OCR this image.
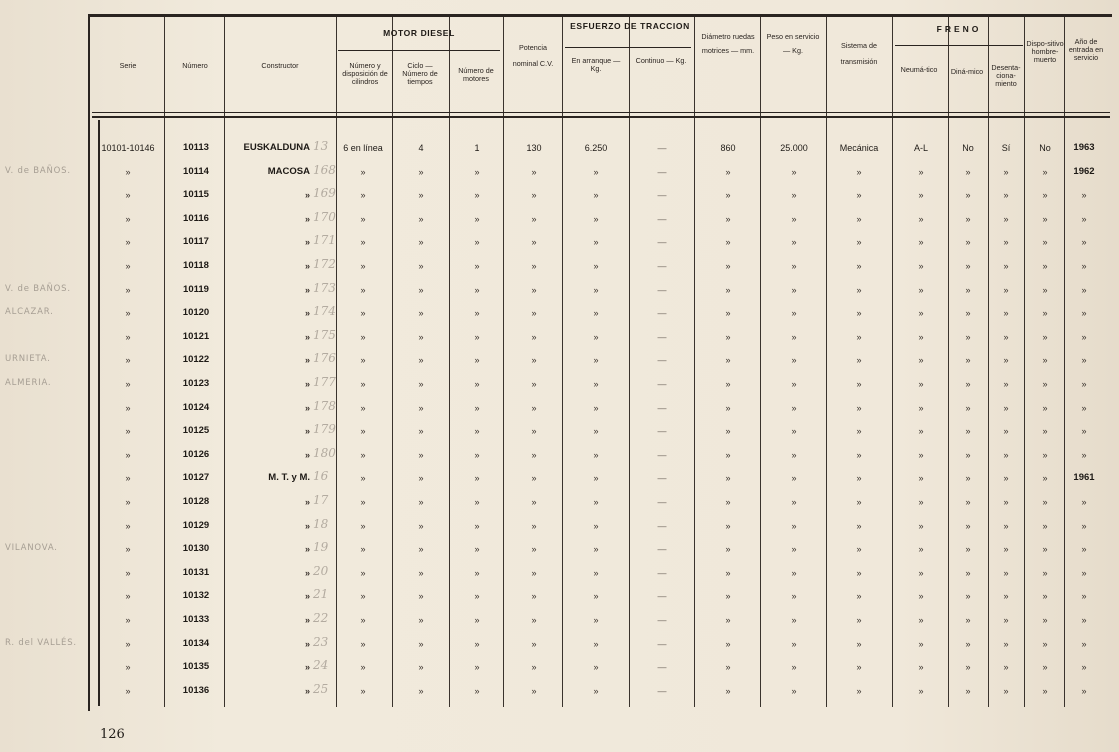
Serie	Número	Constructor
MOTOR DIESEL
Número y disposición de cilindros
Ciclo — Número de tiempos
Número de motores
Potencia nominal C.V.
ESFUERZO DE TRACCION
En arranque — Kg.
Continuo — Kg.
Diámetro ruedas motrices — mm.
Peso en servicio — Kg.
Sistema de transmisión
FRENO
Neumá-tico	Diná-mico	Desenta-ciona-miento
Dispo-sitivo hombre-muerto
Año de entrada en servicio
10101-10146	10113	EUSKALDUNA	6 en línea	4	1	130	6.250	—	860	25.000	Mecánica	A-L	No	Sí	No	1963
13
»	10114	MACOSA	»	»	»	»	»	—	»	»	»	»	»	»	»	1962
168
»	10115	»	»	»	»	»	»	—	»	»	»	»	»	»	»	»
169
»	10116	»	»	»	»	»	»	—	»	»	»	»	»	»	»	»
170
»	10117	»	»	»	»	»	»	—	»	»	»	»	»	»	»	»
171
»	10118	»	»	»	»	»	»	—	»	»	»	»	»	»	»	»
172
»	10119	»	»	»	»	»	»	—	»	»	»	»	»	»	»	»
173
»	10120	»	»	»	»	»	»	—	»	»	»	»	»	»	»	»
174
»	10121	»	»	»	»	»	»	—	»	»	»	»	»	»	»	»
175
»	10122	»	»	»	»	»	»	—	»	»	»	»	»	»	»	»
176
»	10123	»	»	»	»	»	»	—	»	»	»	»	»	»	»	»
177
»	10124	»	»	»	»	»	»	—	»	»	»	»	»	»	»	»
178
»	10125	»	»	»	»	»	»	—	»	»	»	»	»	»	»	»
179
»	10126	»	»	»	»	»	»	—	»	»	»	»	»	»	»	»
180
»	10127	M. T. y M.	»	»	»	»	»	—	»	»	»	»	»	»	»	1961
16
»	10128	»	»	»	»	»	»	—	»	»	»	»	»	»	»	»
17
»	10129	»	»	»	»	»	»	—	»	»	»	»	»	»	»	»
18
»	10130	»	»	»	»	»	»	—	»	»	»	»	»	»	»	»
19
»	10131	»	»	»	»	»	»	—	»	»	»	»	»	»	»	»
20
»	10132	»	»	»	»	»	»	—	»	»	»	»	»	»	»	»
21
»	10133	»	»	»	»	»	»	—	»	»	»	»	»	»	»	»
22
»	10134	»	»	»	»	»	»	—	»	»	»	»	»	»	»	»
23
»	10135	»	»	»	»	»	»	—	»	»	»	»	»	»	»	»
24
»	10136	»	»	»	»	»	»	—	»	»	»	»	»	»	»	»
25
V. de BAÑOS.
V. de BAÑOS.
ALCAZAR.
URNIETA.
ALMERIA.
VILANOVA.
R. del VALLÉS.
126
